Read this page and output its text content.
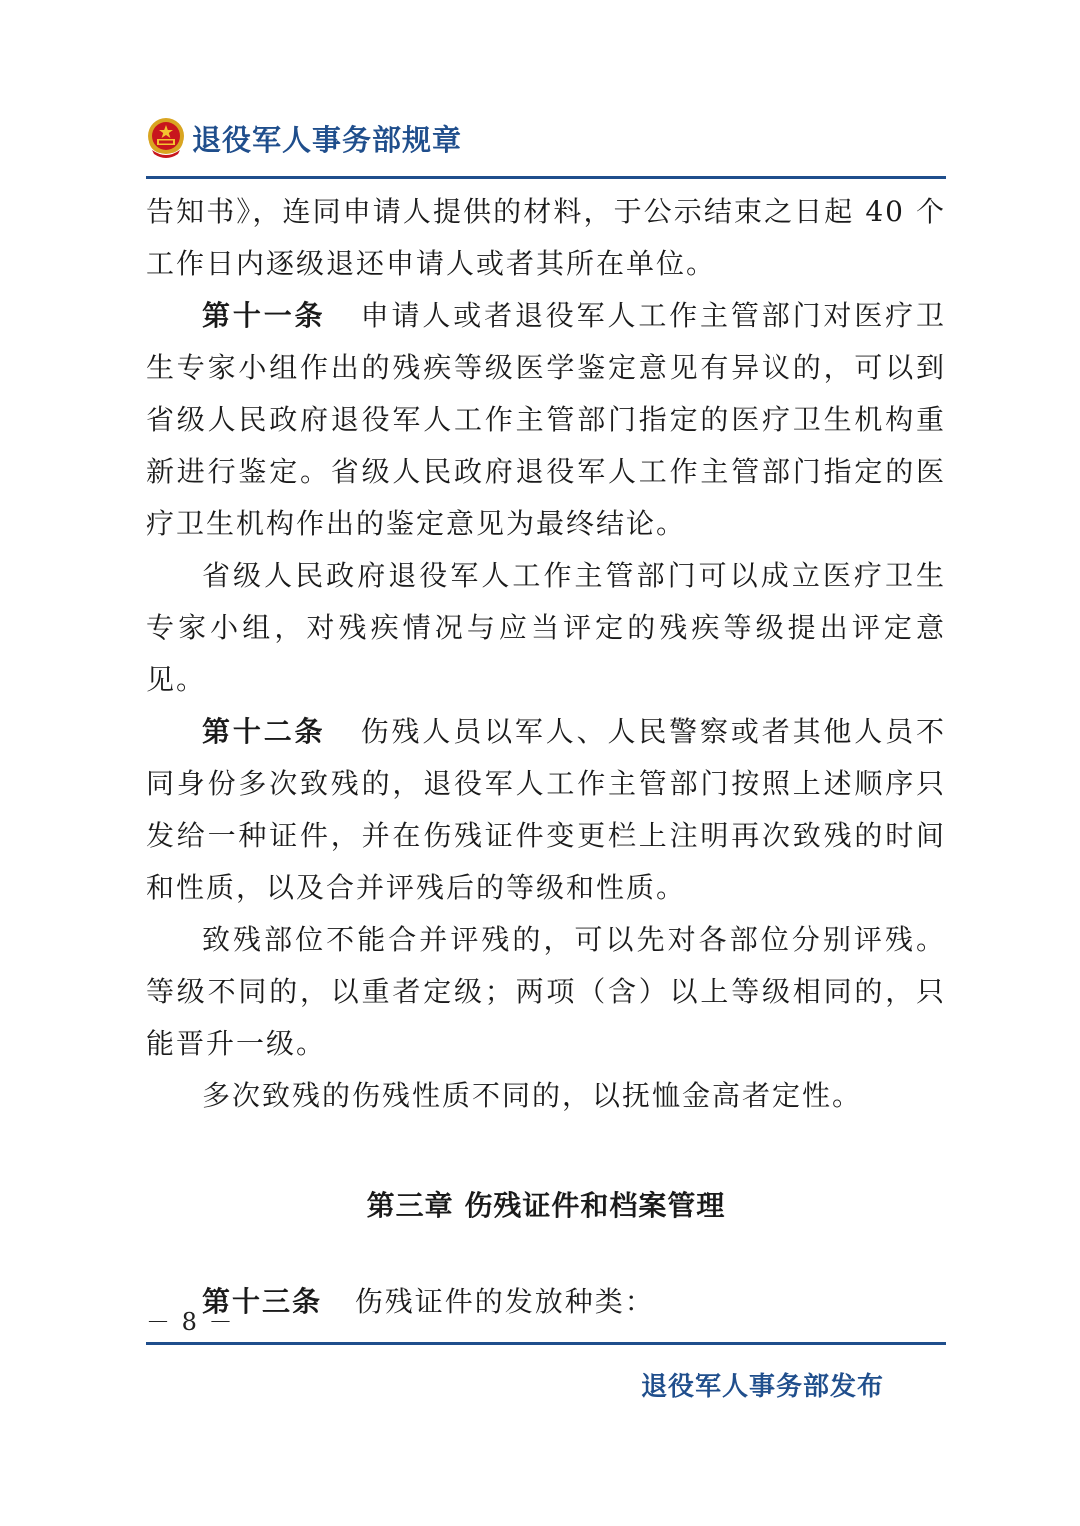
退役军人事务部规章

告知书》，连同申请人提供的材料，于公示结束之日起 40 个工作日内逐级退还申请人或者其所在单位。

第十一条 申请人或者退役军人工作主管部门对医疗卫生专家小组作出的残疾等级医学鉴定意见有异议的，可以到省级人民政府退役军人工作主管部门指定的医疗卫生机构重新进行鉴定。省级人民政府退役军人工作主管部门指定的医疗卫生机构作出的鉴定意见为最终结论。

省级人民政府退役军人工作主管部门可以成立医疗卫生专家小组，对残疾情况与应当评定的残疾等级提出评定意见。

第十二条 伤残人员以军人、人民警察或者其他人员不同身份多次致残的，退役军人工作主管部门按照上述顺序只发给一种证件，并在伤残证件变更栏上注明再次致残的时间和性质，以及合并评残后的等级和性质。

致残部位不能合并评残的，可以先对各部位分别评残。等级不同的，以重者定级；两项（含）以上等级相同的，只能晋升一级。

多次致残的伤残性质不同的，以抚恤金高者定性。

第三章 伤残证件和档案管理

第十三条 伤残证件的发放种类：

－ 8 －
退役军人事务部发布
